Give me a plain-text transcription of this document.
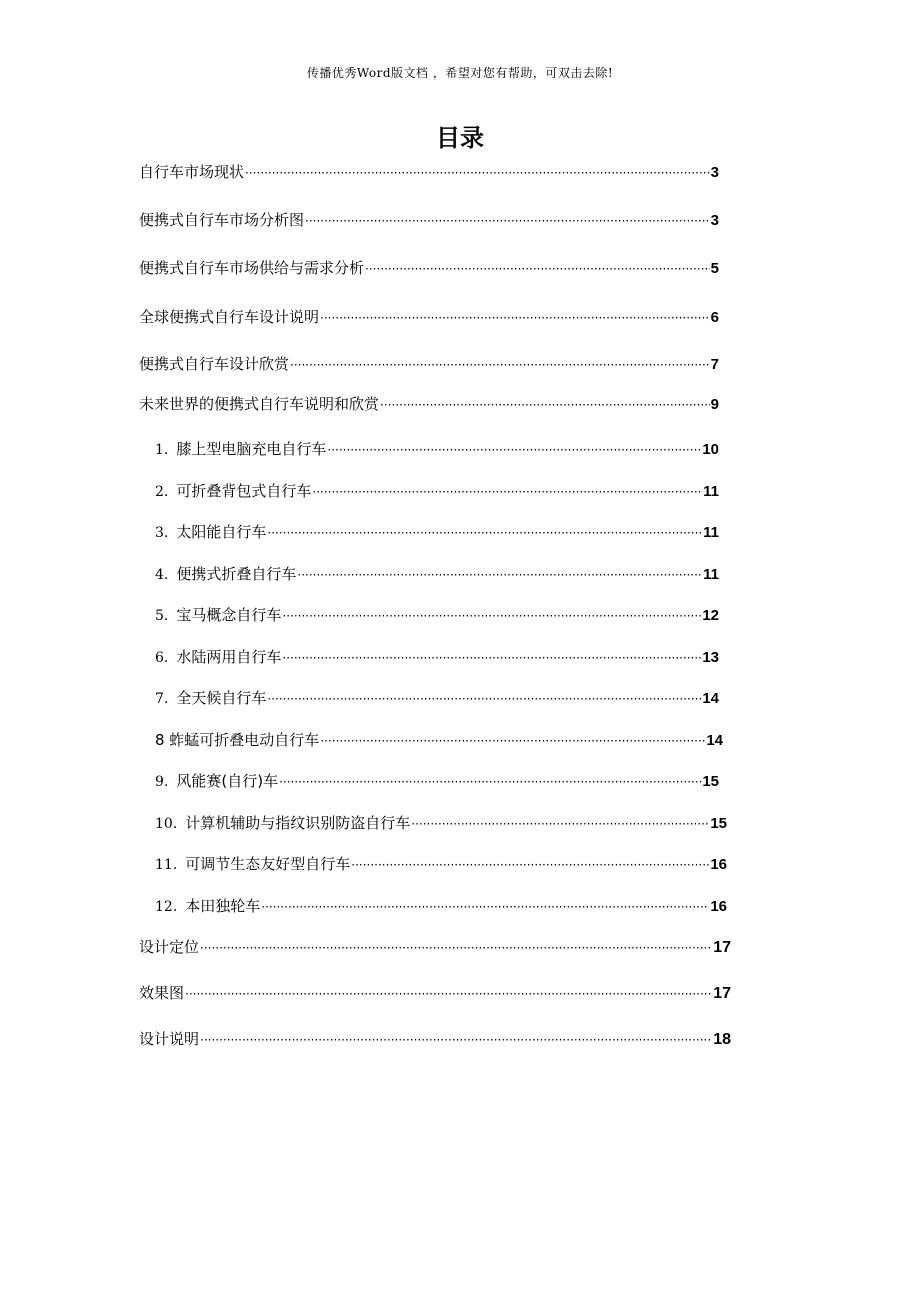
传播优秀Word版文档 ，希望对您有帮助，可双击去除!
目录
自行车市场现状 ·····	3
便携式自行车市场分析图 ·····	3
便携式自行车市场供给与需求分析 ·····	5
全球便携式自行车设计说明 ·····	6
便携式自行车设计欣赏 ·····	7
未来世界的便携式自行车说明和欣赏 ·····	9
1. 膝上型电脑充电自行车 ·····	10
2. 可折叠背包式自行车 ·····	11
3. 太阳能自行车 ·····	11
4. 便携式折叠自行车 ·····	11
5. 宝马概念自行车 ·····	12
6. 水陆两用自行车 ·····	13
7. 全天候自行车 ·····	14
8 蚱蜢可折叠电动自行车 ·····	14
9. 风能赛(自行)车 ·····	15
10. 计算机辅助与指纹识别防盗自行车 ·····	15
11. 可调节生态友好型自行车 ·····	16
12. 本田独轮车 ·····	16
设计定位 ·····	17
效果图 ·····	17
设计说明 ·····	18
